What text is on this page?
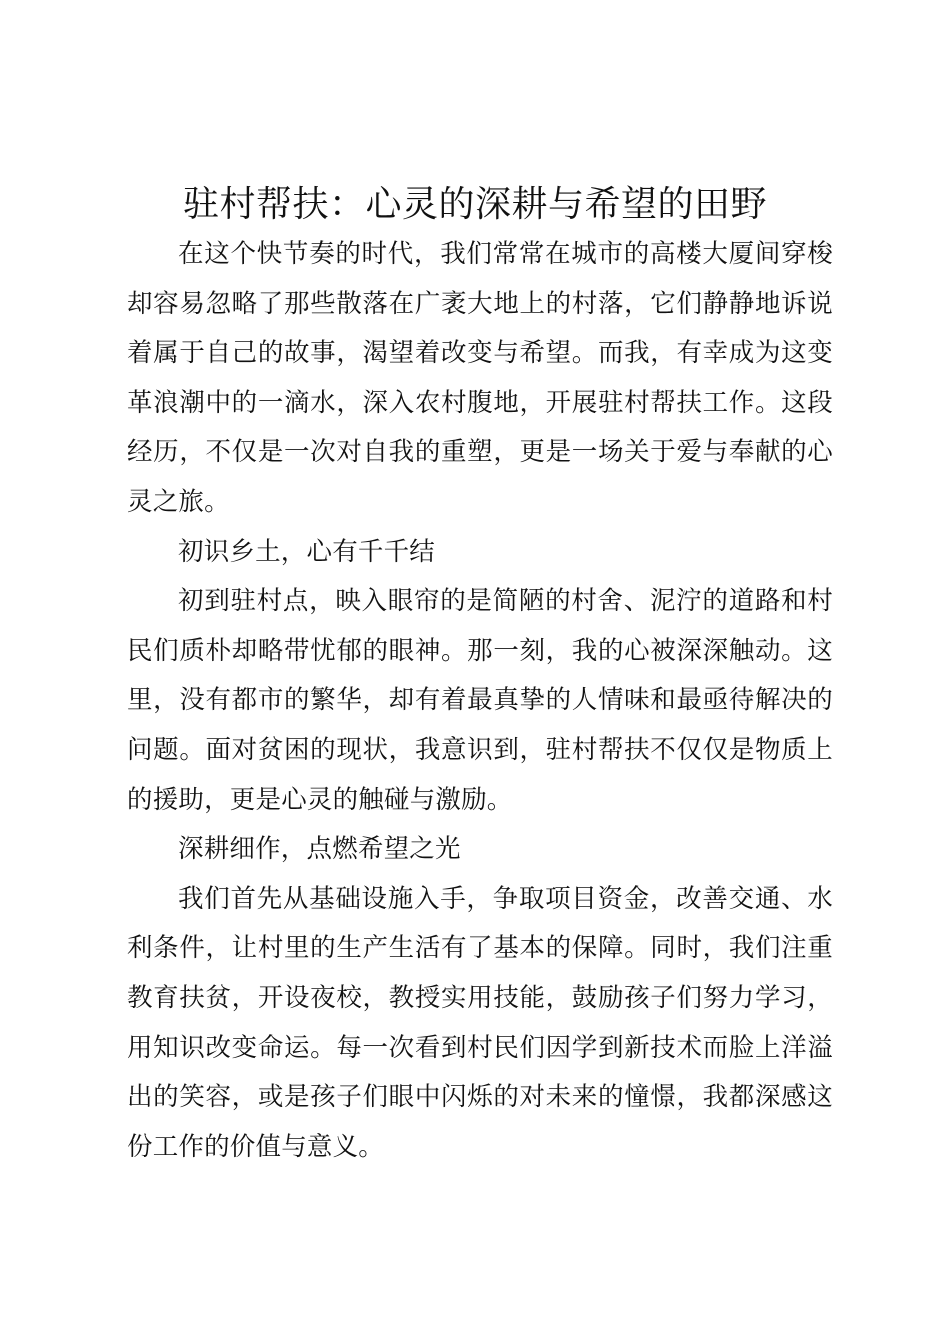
驻村帮扶：心灵的深耕与希望的田野

在这个快节奏的时代，我们常常在城市的高楼大厦间穿梭却容易忽略了那些散落在广袤大地上的村落，它们静静地诉说着属于自己的故事，渴望着改变与希望。而我，有幸成为这变革浪潮中的一滴水，深入农村腹地，开展驻村帮扶工作。这段经历，不仅是一次对自我的重塑，更是一场关于爱与奉献的心灵之旅。

初识乡土，心有千千结

初到驻村点，映入眼帘的是简陋的村舍、泥泞的道路和村民们质朴却略带忧郁的眼神。那一刻，我的心被深深触动。这里，没有都市的繁华，却有着最真挚的人情味和最亟待解决的问题。面对贫困的现状，我意识到，驻村帮扶不仅仅是物质上的援助，更是心灵的触碰与激励。

深耕细作，点燃希望之光

我们首先从基础设施入手，争取项目资金，改善交通、水利条件，让村里的生产生活有了基本的保障。同时，我们注重教育扶贫，开设夜校，教授实用技能，鼓励孩子们努力学习，用知识改变命运。每一次看到村民们因学到新技术而脸上洋溢出的笑容，或是孩子们眼中闪烁的对未来的憧憬，我都深感这份工作的价值与意义。
